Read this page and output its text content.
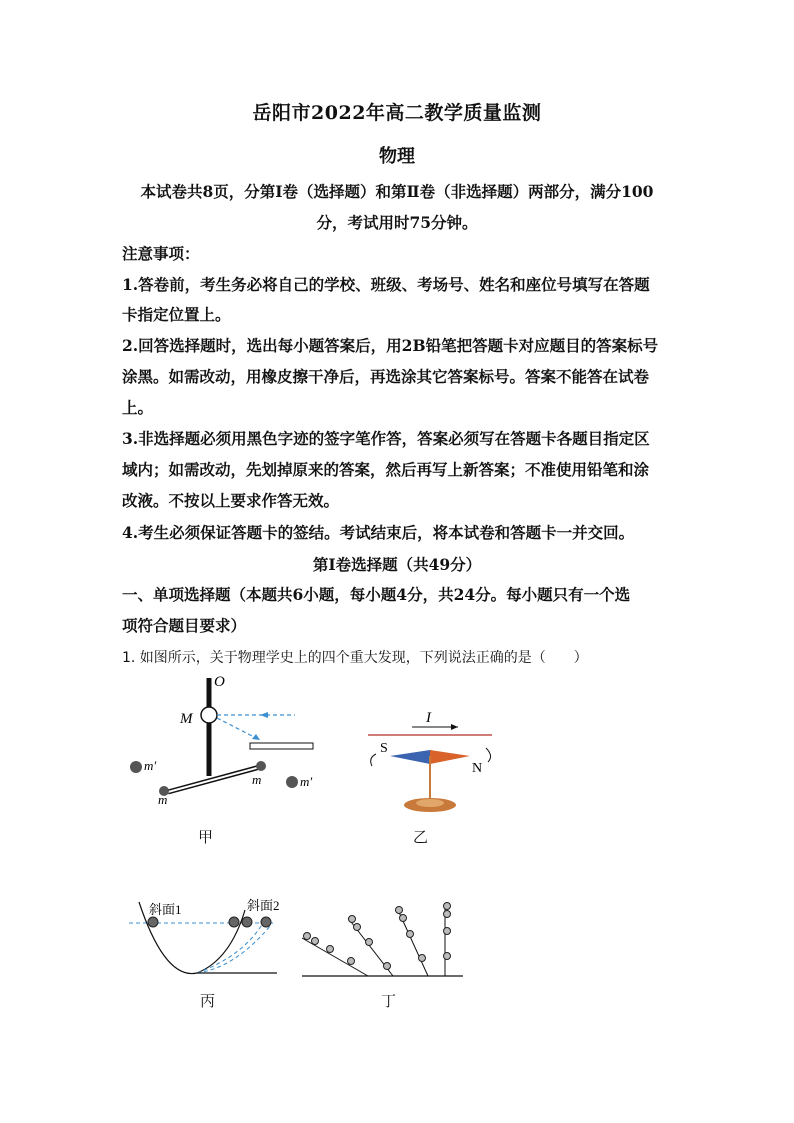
岳阳市2022年高二教学质量监测
物理
本试卷共8页，分第Ⅰ卷（选择题）和第Ⅱ卷（非选择题）两部分，满分100
分，考试用时75分钟。
注意事项：
1.答卷前，考生务必将自己的学校、班级、考场号、姓名和座位号填写在答题
卡指定位置上。
2.回答选择题时，选出每小题答案后，用2B铅笔把答题卡对应题目的答案标号
涂黑。如需改动，用橡皮擦干净后，再选涂其它答案标号。答案不能答在试卷
上。
3.非选择题必须用黑色字迹的签字笔作答，答案必须写在答题卡各题目指定区
域内；如需改动，先划掉原来的答案，然后再写上新答案；不准使用铅笔和涂
改液。不按以上要求作答无效。
4.考生必须保证答题卡的签结。考试结束后，将本试卷和答题卡一并交回。
第Ⅰ卷选择题（共49分）
一、单项选择题（本题共6小题，每小题4分，共24分。每小题只有一个选
项符合题目要求）
1. 如图所示，关于物理学史上的四个重大发现，下列说法正确的是（　　）
O
M
m′
m
m	m′
甲
I
S
N
乙
斜面1	斜面2
丙	丁
